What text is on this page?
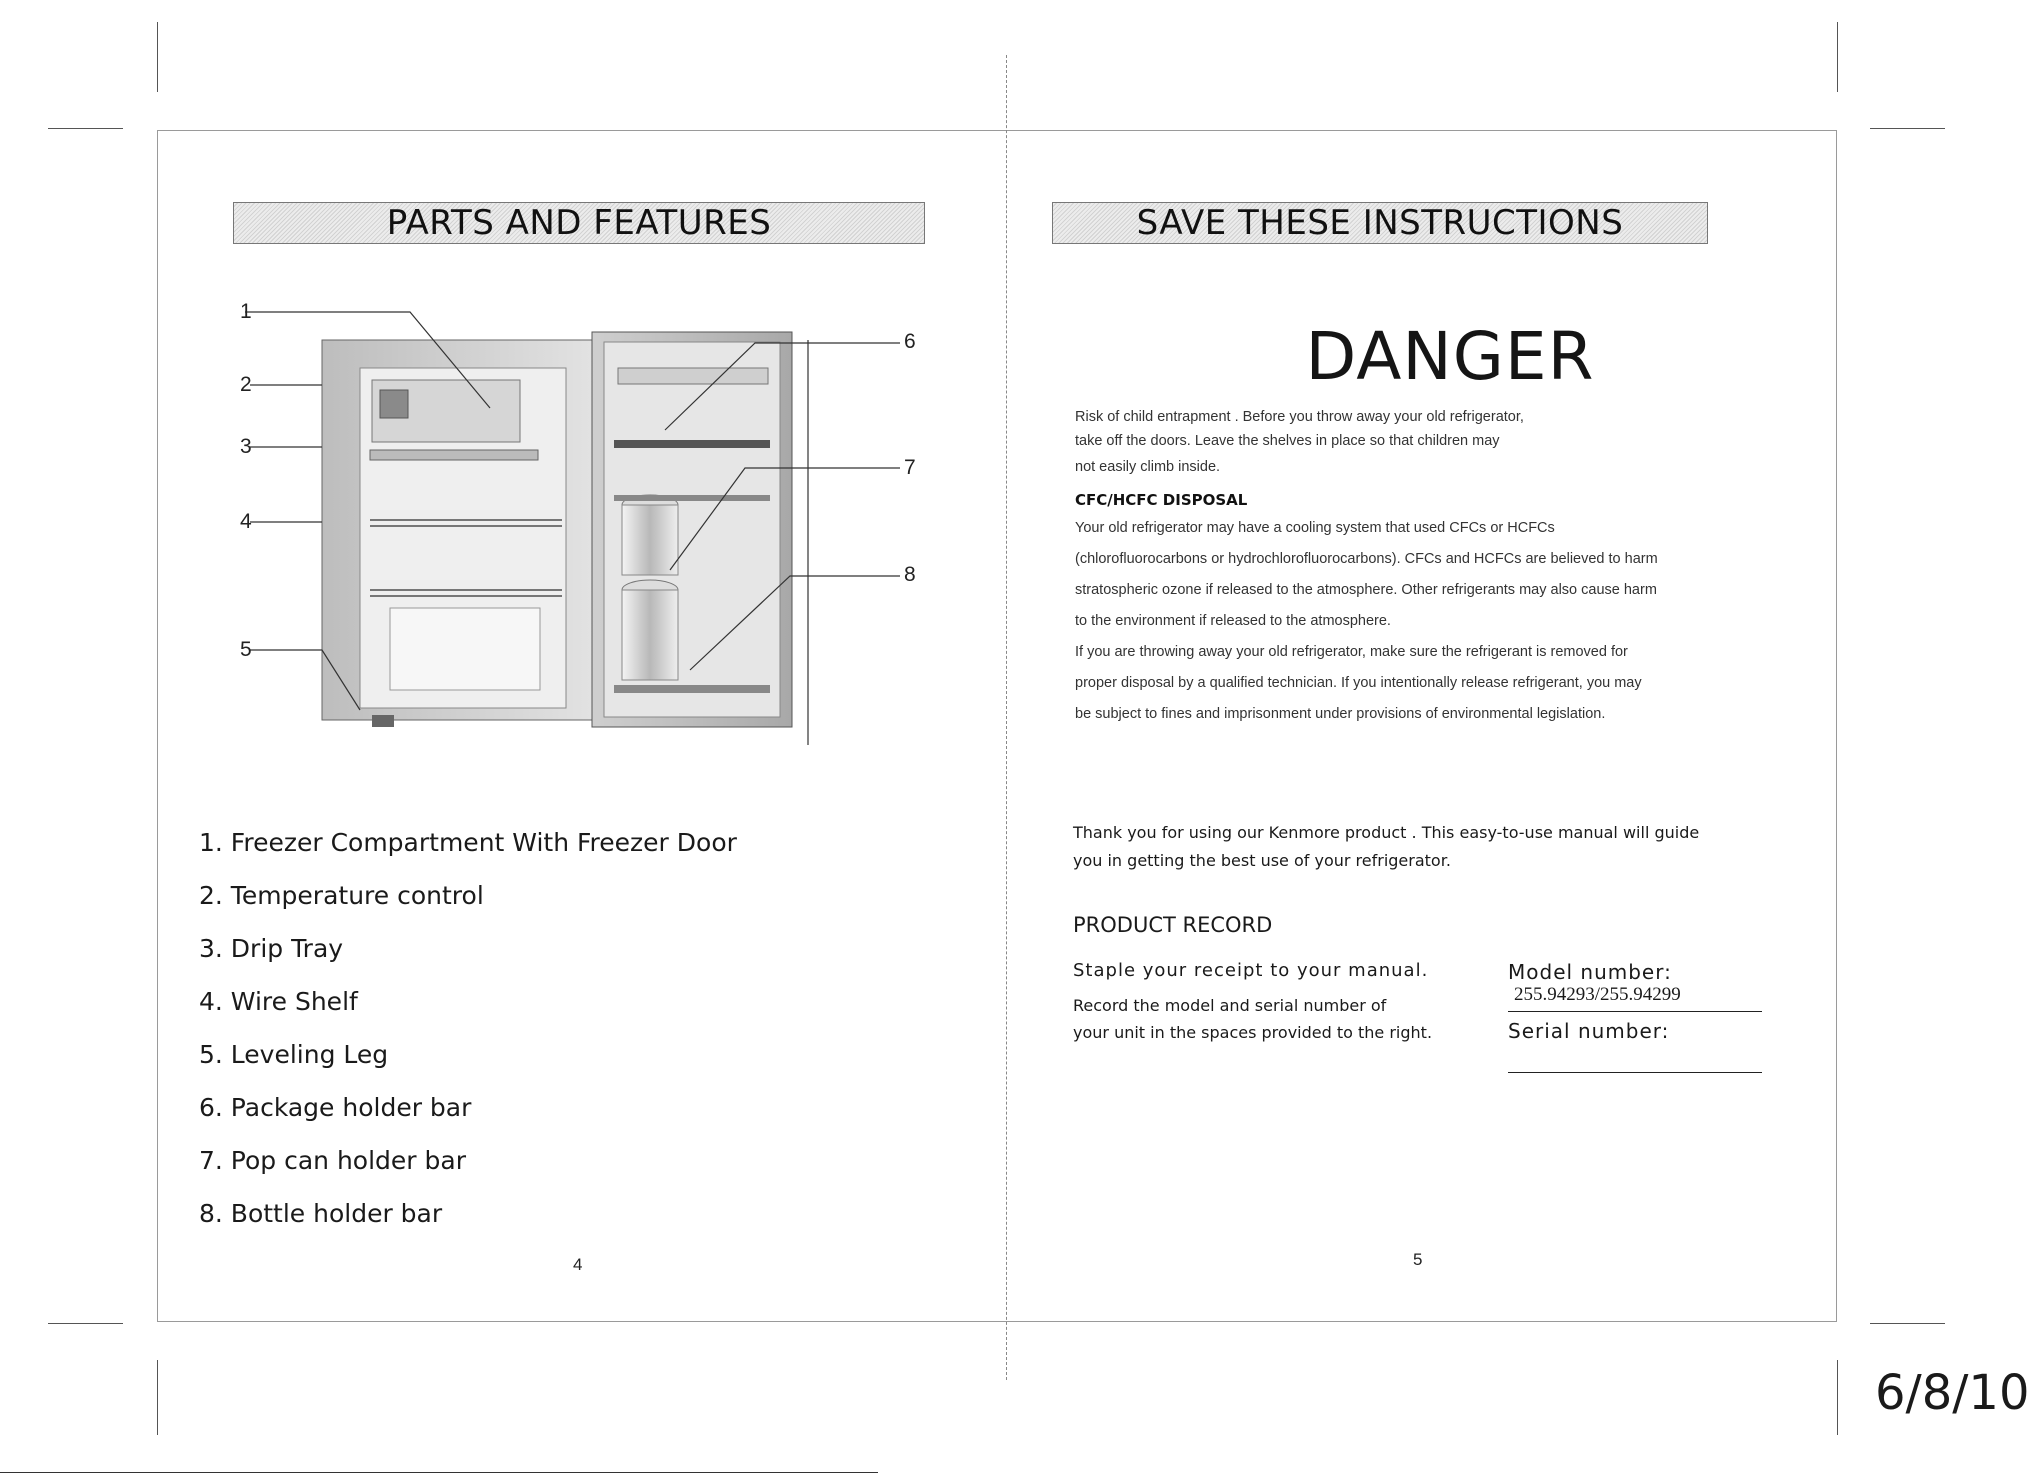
PARTS AND FEATURES
1
2
3
4
5
6
7
8
1. Freezer Compartment With Freezer Door
2. Temperature control
3. Drip Tray
4. Wire Shelf
5. Leveling Leg
6. Package holder bar
7. Pop can holder bar
8. Bottle holder bar
4
SAVE THESE INSTRUCTIONS
DANGER
Risk of child entrapment . Before you throw away your old refrigerator,
take off the doors. Leave the shelves in place so that children may
not easily climb inside.
CFC/HCFC DISPOSAL
Your old refrigerator may have a cooling system that used CFCs or HCFCs
(chlorofluorocarbons or hydrochlorofluorocarbons). CFCs and HCFCs are believed to harm
stratospheric ozone if released to the atmosphere. Other refrigerants may also cause harm
to the environment if released to the atmosphere.
If you are throwing away your old refrigerator, make sure the refrigerant is removed for
proper disposal by a qualified technician. If you intentionally release refrigerant, you may
be subject to fines and imprisonment under provisions of environmental legislation.
Thank you for using our Kenmore product . This easy-to-use manual will guide
you in getting the best use of your refrigerator.
PRODUCT RECORD
Staple your receipt to your manual.
Record the model and serial number of
your unit in the spaces provided to the right.
Model number:
255.94293/255.94299
Serial number:
5
6/8/10
